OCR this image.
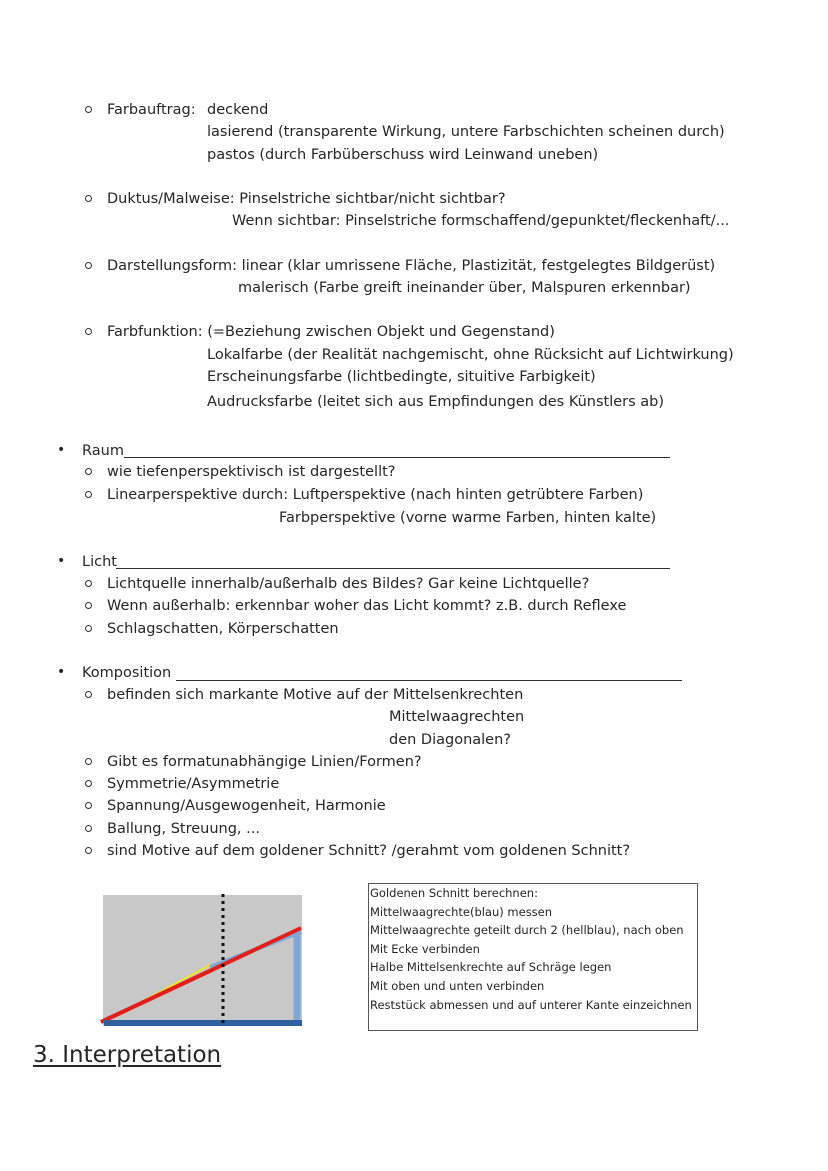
Farbauftrag: deckend
lasierend (transparente Wirkung, untere Farbschichten scheinen durch)
pastos (durch Farbüberschuss wird Leinwand uneben)
Duktus/Malweise: Pinselstriche sichtbar/nicht sichtbar?
Wenn sichtbar: Pinselstriche formschaffend/gepunktet/fleckenhaft/...
Darstellungsform: linear (klar umrissene Fläche, Plastizität, festgelegtes Bildgerüst)
malerisch (Farbe greift ineinander über, Malspuren erkennbar)
Farbfunktion: (=Beziehung zwischen Objekt und Gegenstand)
Lokalfarbe (der Realität nachgemischt, ohne Rücksicht auf Lichtwirkung)
Erscheinungsfarbe (lichtbedingte, situitive Farbigkeit)
Audrucksfarbe (leitet sich aus Empfindungen des Künstlers ab)
• Raum
wie tiefenperspektivisch ist dargestellt?
Linearperspektive durch: Luftperspektive (nach hinten getrübtere Farben)
Farbperspektive (vorne warme Farben, hinten kalte)
• Licht
Lichtquelle innerhalb/außerhalb des Bildes? Gar keine Lichtquelle?
Wenn außerhalb: erkennbar woher das Licht kommt? z.B. durch Reflexe
Schlagschatten, Körperschatten
• Komposition
befinden sich markante Motive auf der Mittelsenkrechten
Mittelwaagrechten
den Diagonalen?
Gibt es formatunabhängige Linien/Formen?
Symmetrie/Asymmetrie
Spannung/Ausgewogenheit, Harmonie
Ballung, Streuung, ...
sind Motive auf dem goldener Schnitt? /gerahmt vom goldenen Schnitt?
Goldenen Schnitt berechnen:
Mittelwaagrechte(blau) messen
Mittelwaagrechte geteilt durch 2 (hellblau), nach oben
Mit Ecke verbinden
Halbe Mittelsenkrechte auf Schräge legen
Mit oben und unten verbinden
Reststück abmessen und auf unterer Kante einzeichnen
3. Interpretation
